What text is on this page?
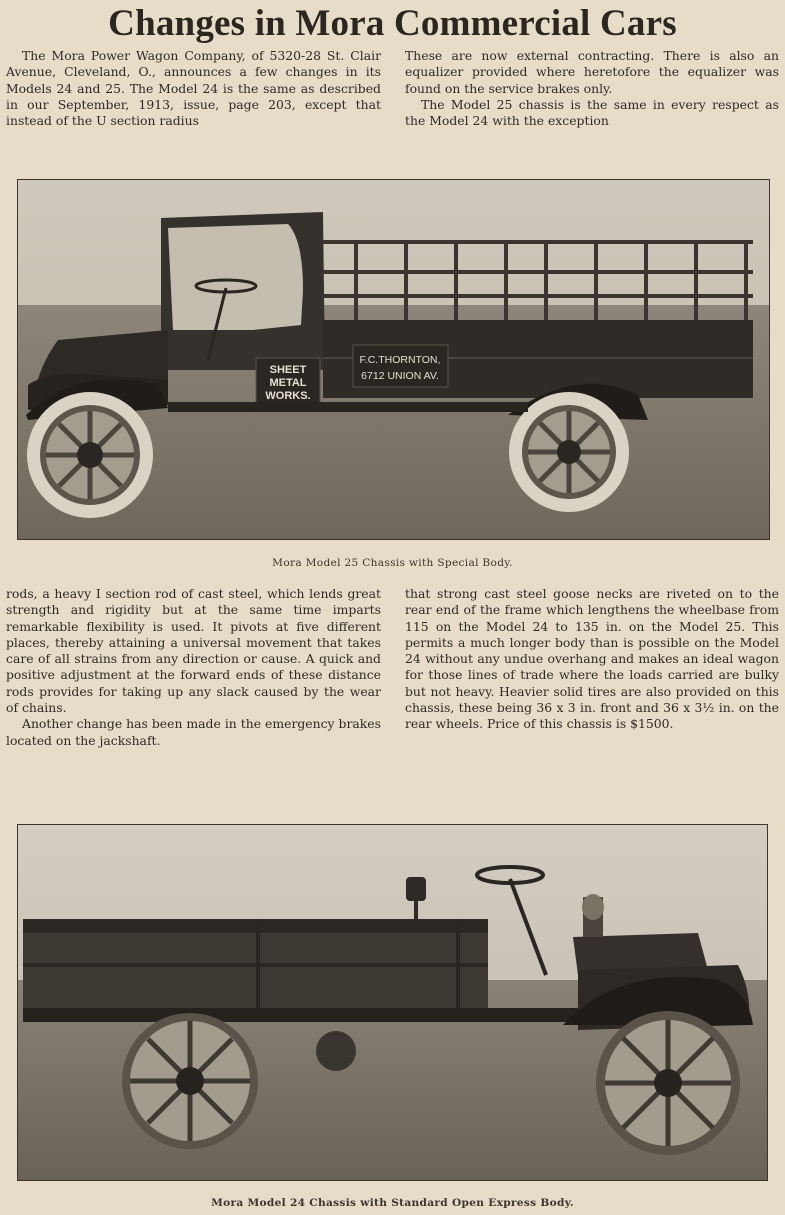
Changes in Mora Commercial Cars

The Mora Power Wagon Company, of 5320-28 St. Clair Avenue, Cleveland, O., announces a few changes in its Models 24 and 25. The Model 24 is the same as described in our September, 1913, issue, page 203, except that instead of the U section radius

These are now external contracting. There is also an equalizer provided where heretofore the equalizer was found on the service brakes only.

The Model 25 chassis is the same in every respect as the Model 24 with the exception

SHEET
METAL
WORKS.
F.C.THORNTON,
6712 UNION AV.
Mora Model 25 Chassis with Special Body.

rods, a heavy I section rod of cast steel, which lends great strength and rigidity but at the same time imparts remarkable flexibility is used. It pivots at five different places, thereby attaining a universal movement that takes care of all strains from any direction or cause. A quick and positive adjustment at the forward ends of these distance rods provides for taking up any slack caused by the wear of chains.

Another change has been made in the emergency brakes located on the jackshaft.

that strong cast steel goose necks are riveted on to the rear end of the frame which lengthens the wheelbase from 115 on the Model 24 to 135 in. on the Model 25. This permits a much longer body than is possible on the Model 24 without any undue overhang and makes an ideal wagon for those lines of trade where the loads carried are bulky but not heavy. Heavier solid tires are also provided on this chassis, these being 36 x 3 in. front and 36 x 3½ in. on the rear wheels. Price of this chassis is $1500.

Mora Model 24 Chassis with Standard Open Express Body.
